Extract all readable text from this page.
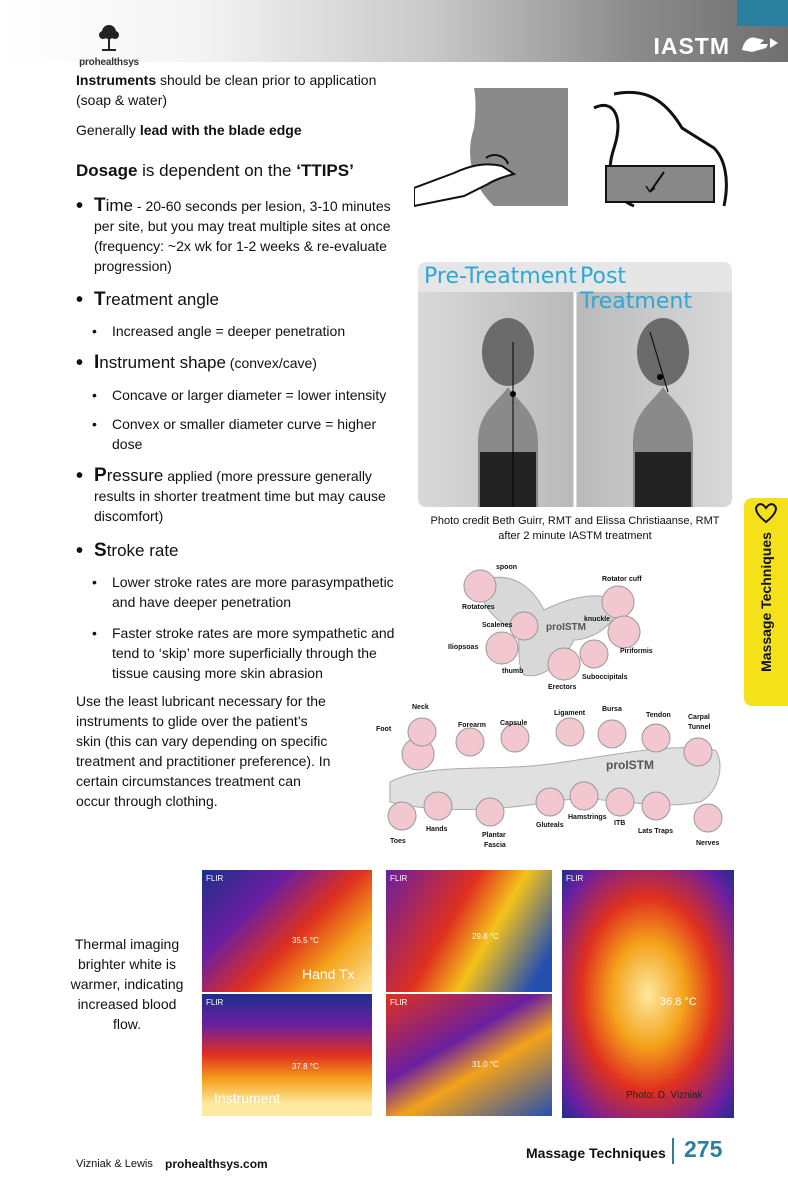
prohealthsys
IASTM
Instruments should be clean prior to application
(soap & water)
Generally lead with the blade edge
Dosage is dependent on the ‘TTIPS’
• Time - 20-60 seconds per lesion, 3-10 minutes per site, but you may treat multiple sites at once (frequency: ~2x wk for 1-2 weeks & re-evaluate progression)
• Treatment angle
• Increased angle = deeper penetration
• Instrument shape (convex/cave)
• Concave or larger diameter = lower intensity
• Convex or smaller diameter curve = higher dose
• Pressure applied (more pressure generally results in shorter treatment time but may cause discomfort)
• Stroke rate
• Lower stroke rates are more parasympathetic and have deeper penetration
• Faster stroke rates are more sympathetic and tend to ‘skip’ more superficially through the tissue causing more skin abrasion
Use the least lubricant necessary for the instruments to glide over the patient’s skin (this can vary depending on specific treatment and practitioner preference). In certain circumstances treatment can occur through clothing.
Pre-Treatment Post Treatment
Photo credit Beth Guirr, RMT and Elissa Christiaanse, RMT
after 2 minute IASTM treatment
spoon
Rotator cuff
Rotatores
Scalenes
knuckle
Iliopsoas
Piriformis
thumb
Suboccipitals
Erectors
proISTM
Neck
Ligament
Bursa
Tendon
Foot
Forearm Capsule
Carpal
Tunnel
Hands
Toes
Plantar
Fascia
Gluteals
Hamstrings
ITB
Lats Traps
Nerves
proISTM
Thermal imaging brighter white is warmer, indicating increased blood flow.
FLIR
35.5 °C
Hand Tx
FLIR
29.8 °C
FLIR
36.8 °C
Photo: D. Vizniak
FLIR
37.8 °C
Instrument
FLIR
31.0 °C
Massage Techniques
Vizniak & Lewis prohealthsys.com
Massage Techniques 275
